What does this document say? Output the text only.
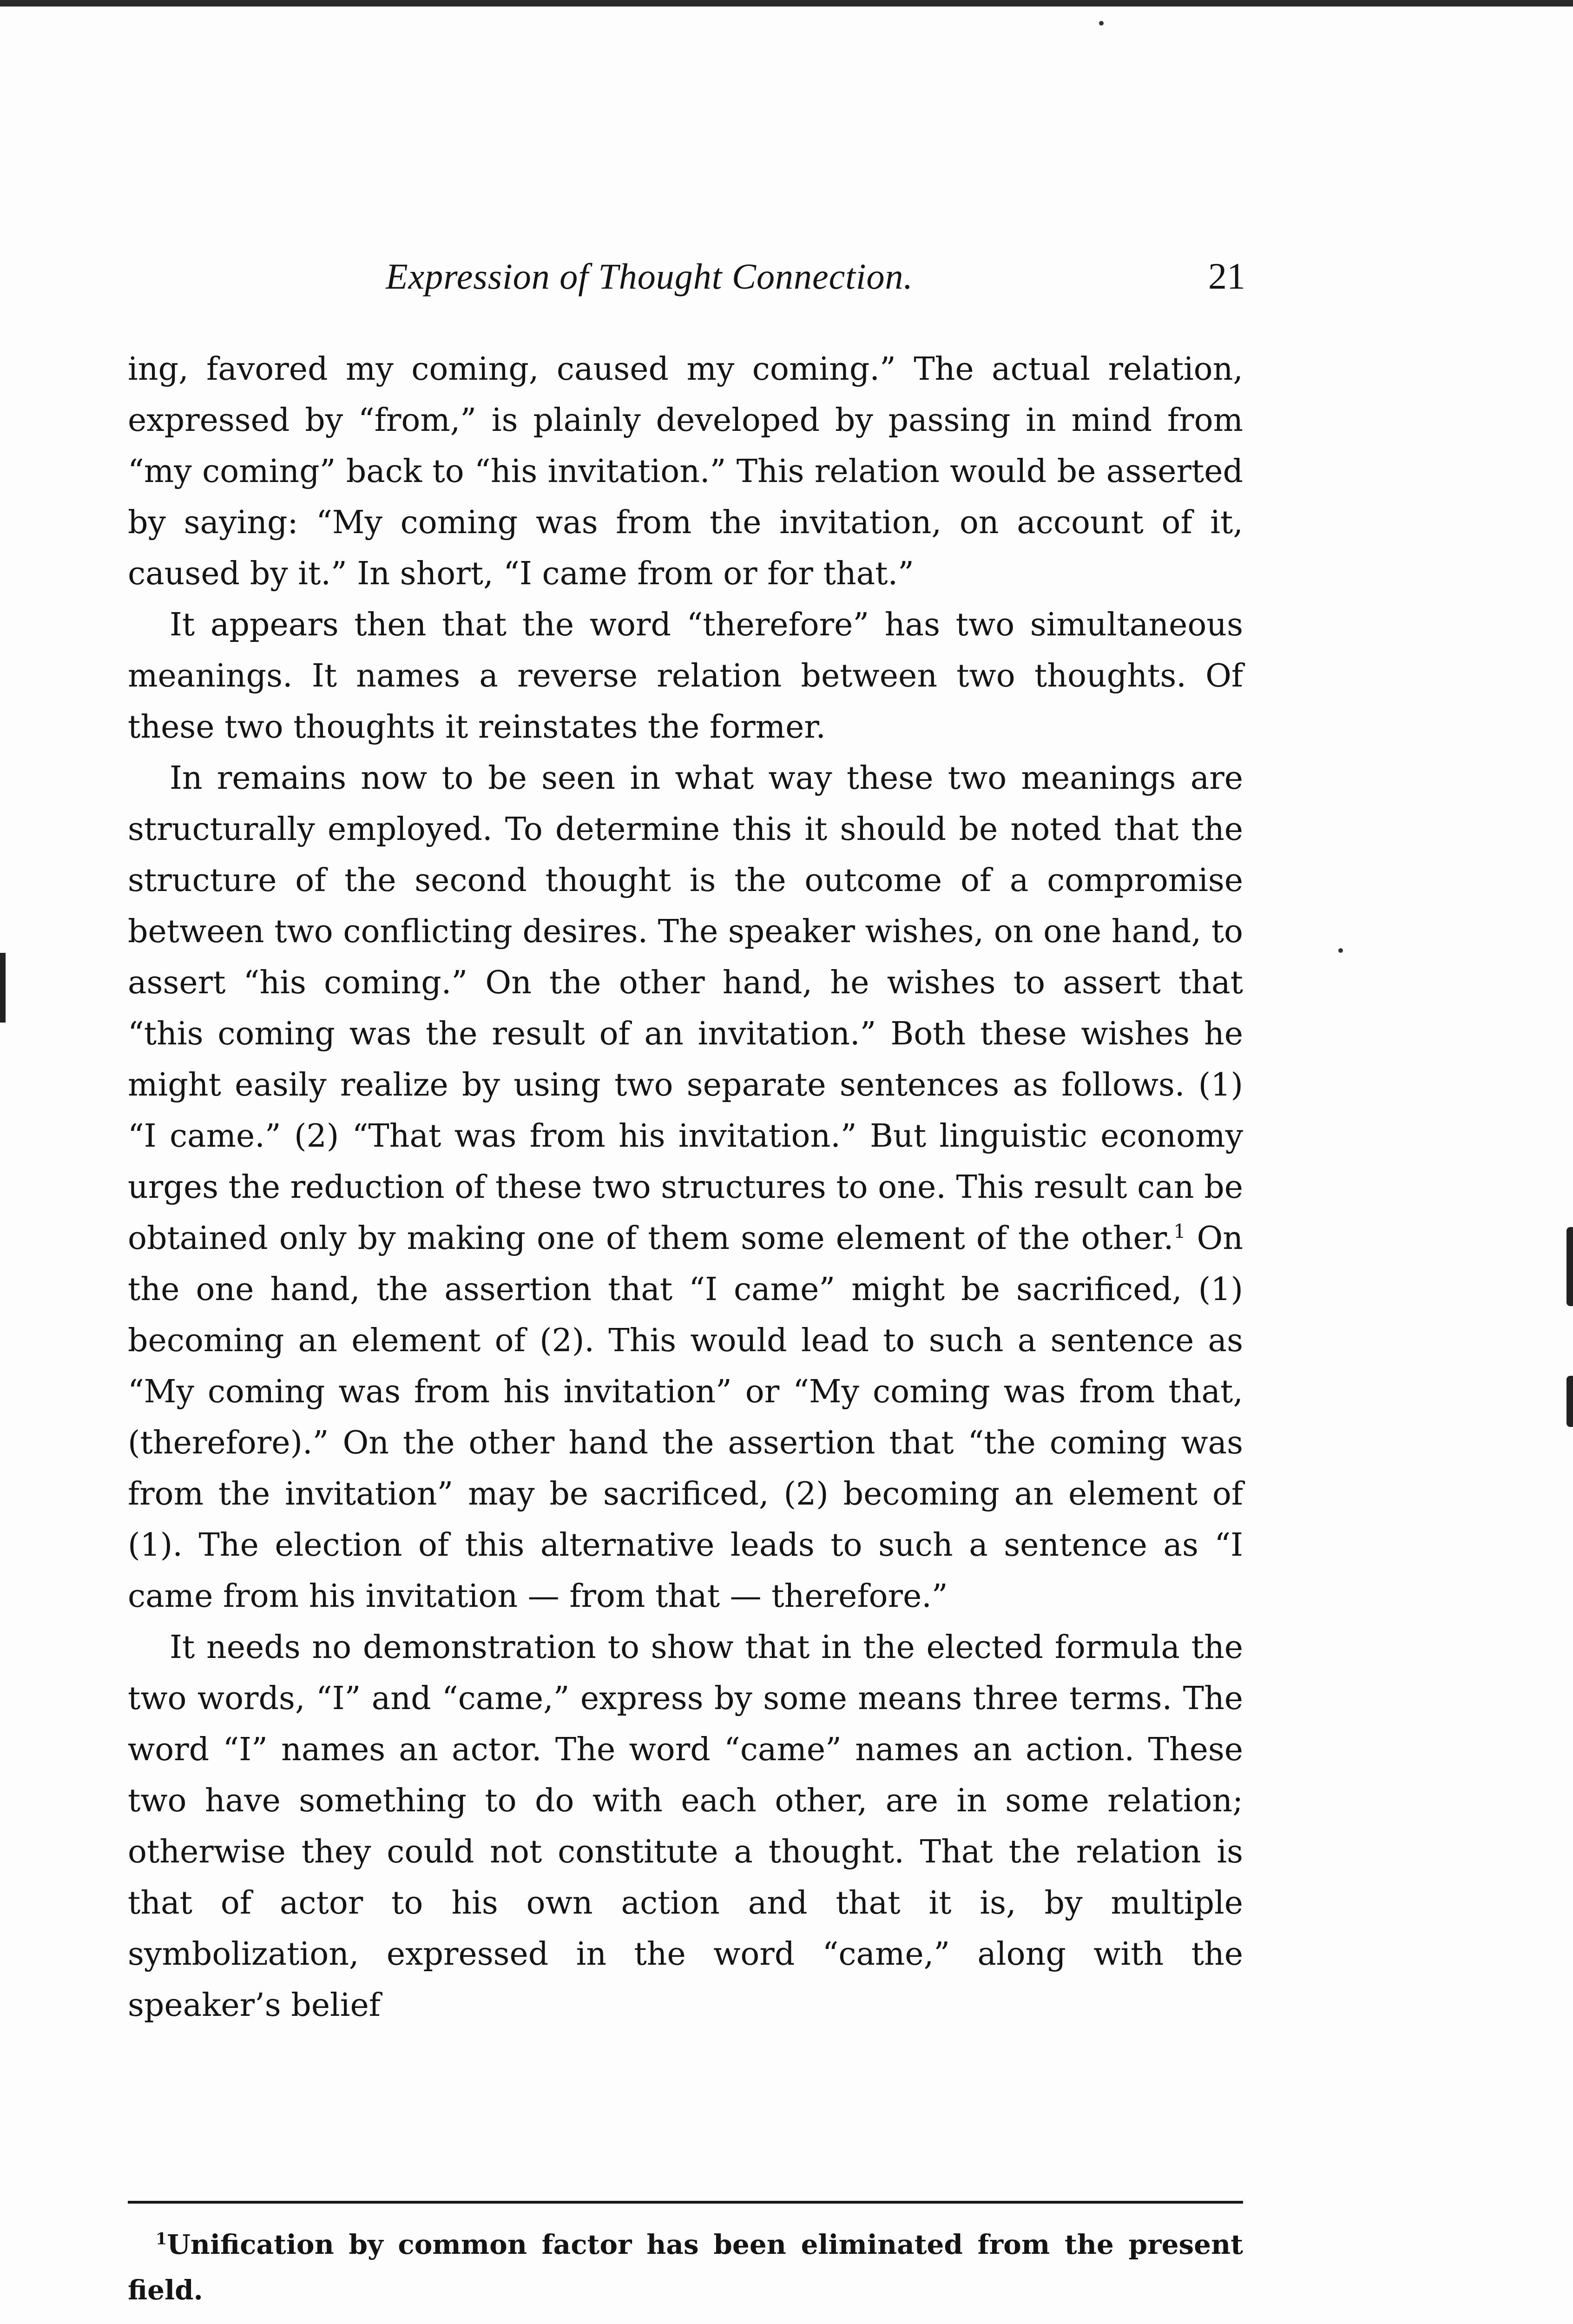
Expression of Thought Connection.	21

ing, favored my coming, caused my coming.” The actual relation, expressed by “from,” is plainly developed by passing in mind from “my coming” back to “his invitation.” This relation would be asserted by saying: “My coming was from the invitation, on account of it, caused by it.” In short, “I came from or for that.”

It appears then that the word “therefore” has two simultaneous meanings. It names a reverse relation between two thoughts. Of these two thoughts it reinstates the former.

In remains now to be seen in what way these two meanings are structurally employed. To determine this it should be noted that the structure of the second thought is the outcome of a compromise between two conflicting desires. The speaker wishes, on one hand, to assert “his coming.” On the other hand, he wishes to assert that “this coming was the result of an invitation.” Both these wishes he might easily realize by using two separate sentences as follows. (1) “I came.” (2) “That was from his invitation.” But linguistic economy urges the reduction of these two structures to one. This result can be obtained only by making one of them some element of the other.$^1$ On the one hand, the assertion that “I came” might be sacrificed, (1) becoming an element of (2). This would lead to such a sentence as “My coming was from his invitation” or “My coming was from that, (therefore).” On the other hand the assertion that “the coming was from the invitation” may be sacrificed, (2) becoming an element of (1). The election of this alternative leads to such a sentence as “I came from his invitation — from that — therefore.”

It needs no demonstration to show that in the elected formula the two words, “I” and “came,” express by some means three terms. The word “I” names an actor. The word “came” names an action. These two have something to do with each other, are in some relation; otherwise they could not constitute a thought. That the relation is that of actor to his own action and that it is, by multiple symbolization, expressed in the word “came,” along with the speaker’s belief

$^1$Unification by common factor has been eliminated from the present field.
